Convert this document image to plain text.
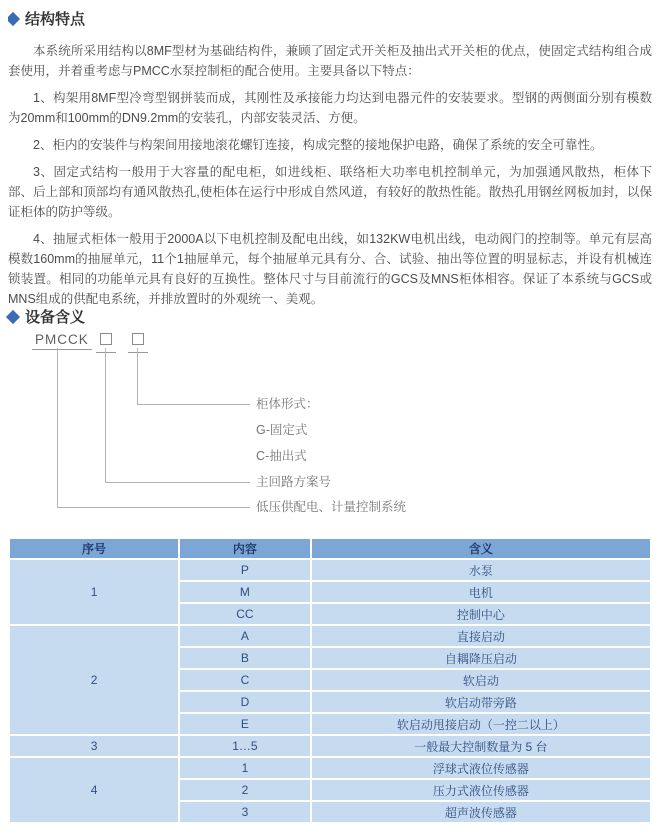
结构特点

本系统所采用结构以8MF型材为基础结构件，兼顾了固定式开关柜及抽出式开关柜的优点，使固定式结构组合成套使用，并着重考虑与PMCC水泵控制柜的配合使用。主要具备以下特点：

1、构架用8MF型冷弯型钢拼装而成，其刚性及承接能力均达到电器元件的安装要求。型钢的两侧面分别有模数为20mm和100mm的DN9.2mm的安装孔，内部安装灵活、方便。

2、柜内的安装件与构架间用接地滚花螺钉连接，构成完整的接地保护电路，确保了系统的安全可靠性。

3、固定式结构一般用于大容量的配电柜，如进线柜、联络柜大功率电机控制单元，为加强通风散热，柜体下部、后上部和顶部均有通风散热孔,使柜体在运行中形成自然风道，有较好的散热性能。散热孔用钢丝网板加封，以保证柜体的防护等级。

4、抽屉式柜体一般用于2000A以下电机控制及配电出线，如132KW电机出线，电动阀门的控制等。单元有层高模数160mm的抽屉单元，11个1抽屉单元，每个抽屉单元具有分、合、试验、抽出等位置的明显标志，并设有机械连锁装置。相同的功能单元具有良好的互换性。整体尺寸与目前流行的GCS及MNS柜体相容。保证了本系统与GCS或MNS组成的供配电系统，并排放置时的外观统一、美观。

设备含义
PMCCK
柜体形式：
G-固定式
C-抽出式
主回路方案号
低压供配电、计量控制系统
序号	内容	含义
1	P	水泵
	M	电机
	CC	控制中心
2	A	直接启动
	B	自耦降压启动
	C	软启动
	D	软启动带旁路
	E	软启动甩接启动（一控二以上）
3	1…5	一般最大控制数量为 5 台
4	1	浮球式液位传感器
	2	压力式液位传感器
	3	超声波传感器
